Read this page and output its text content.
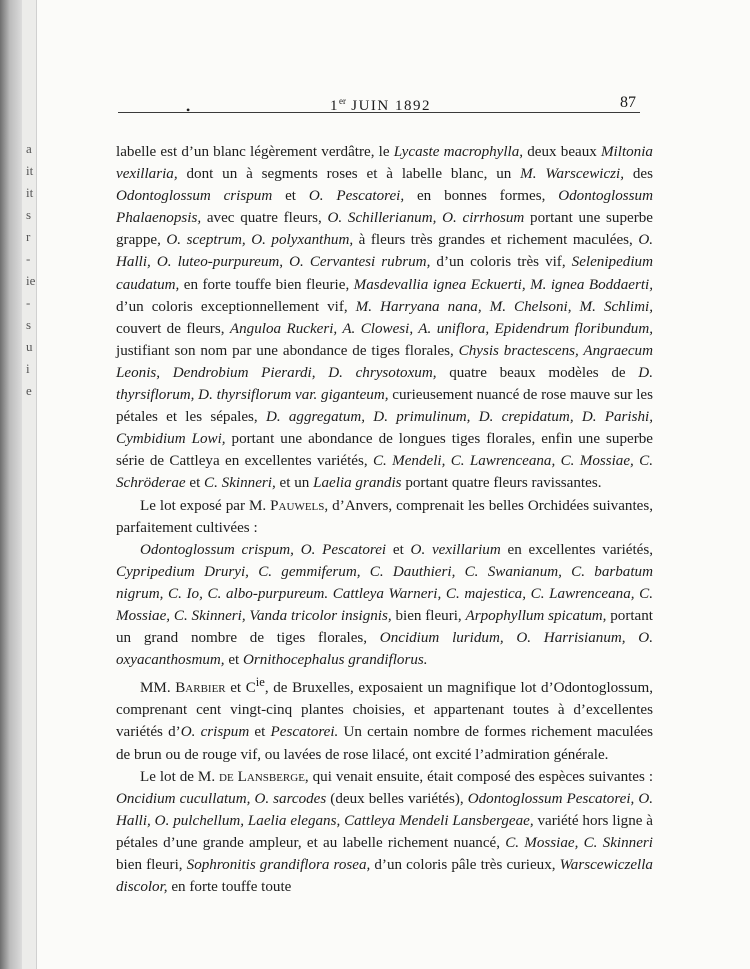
a
it
it
s
r
-
ie
-
s
u
i
e
•	1er JUIN 1892	87

labelle est d’un blanc légèrement verdâtre, le Lycaste macrophylla, deux beaux Miltonia vexillaria, dont un à segments roses et à labelle blanc, un M. Warscewiczi, des Odontoglossum crispum et O. Pescatorei, en bonnes formes, Odontoglossum Phalaenopsis, avec quatre fleurs, O. Schillerianum, O. cirrhosum portant une superbe grappe, O. sceptrum, O. polyxanthum, à fleurs très grandes et richement maculées, O. Halli, O. luteo-purpureum, O. Cervantesi rubrum, d’un coloris très vif, Selenipedium caudatum, en forte touffe bien fleurie, Masdevallia ignea Eckuerti, M. ignea Boddaerti, d’un coloris exceptionnellement vif, M. Harryana nana, M. Chelsoni, M. Schlimi, couvert de fleurs, Anguloa Ruckeri, A. Clowesi, A. uniflora, Epidendrum floribundum, justifiant son nom par une abondance de tiges florales, Chysis bractescens, Angraecum Leonis, Dendrobium Pierardi, D. chrysotoxum, quatre beaux modèles de D. thyrsiflorum, D. thyrsiflorum var. giganteum, curieusement nuancé de rose mauve sur les pétales et les sépales, D. aggregatum, D. primulinum, D. crepidatum, D. Parishi, Cymbidium Lowi, portant une abondance de longues tiges florales, enfin une superbe série de Cattleya en excellentes variétés, C. Mendeli, C. Lawrenceana, C. Mossiae, C. Schröderae et C. Skinneri, et un Laelia grandis portant quatre fleurs ravissantes.

Le lot exposé par M. Pauwels, d’Anvers, comprenait les belles Orchidées suivantes, parfaitement cultivées :

Odontoglossum crispum, O. Pescatorei et O. vexillarium en excellentes variétés, Cypripedium Druryi, C. gemmiferum, C. Dauthieri, C. Swanianum, C. barbatum nigrum, C. Io, C. albo-purpureum. Cattleya Warneri, C. majestica, C. Lawrenceana, C. Mossiae, C. Skinneri, Vanda tricolor insignis, bien fleuri, Arpophyllum spicatum, portant un grand nombre de tiges florales, Oncidium luridum, O. Harrisianum, O. oxyacanthosmum, et Ornithocephalus grandiflorus.

MM. Barbier et $C^{ie}$, de Bruxelles, exposaient un magnifique lot d’Odontoglossum, comprenant cent vingt-cinq plantes choisies, et appartenant toutes à d’excellentes variétés d’O. crispum et Pescatorei. Un certain nombre de formes richement maculées de brun ou de rouge vif, ou lavées de rose lilacé, ont excité l’admiration générale.

Le lot de M. de Lansberge, qui venait ensuite, était composé des espèces suivantes : Oncidium cucullatum, O. sarcodes (deux belles variétés), Odontoglossum Pescatorei, O. Halli, O. pulchellum, Laelia elegans, Cattleya Mendeli Lansbergeae, variété hors ligne à pétales d’une grande ampleur, et au labelle richement nuancé, C. Mossiae, C. Skinneri bien fleuri, Sophronitis grandiflora rosea, d’un coloris pâle très curieux, Warscewiczella discolor, en forte touffe toute
